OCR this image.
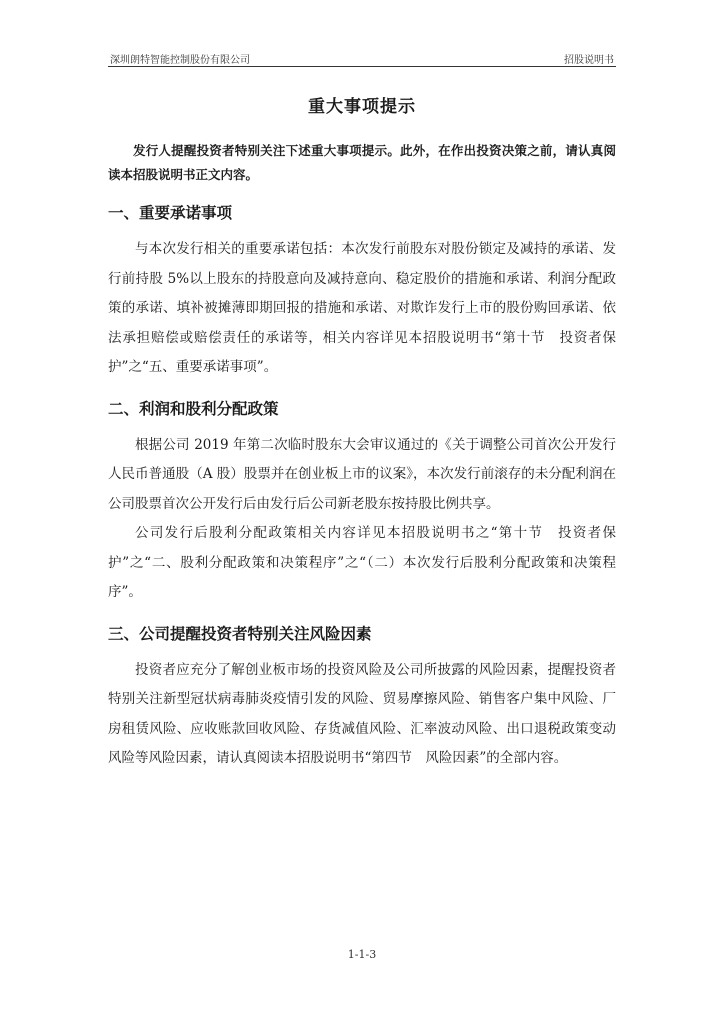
深圳朗特智能控制股份有限公司	招股说明书
重大事项提示

发行人提醒投资者特别关注下述重大事项提示。此外，在作出投资决策之前，请认真阅读本招股说明书正文内容。

一、重要承诺事项

与本次发行相关的重要承诺包括：本次发行前股东对股份锁定及减持的承诺、发行前持股 5%以上股东的持股意向及减持意向、稳定股价的措施和承诺、利润分配政策的承诺、填补被摊薄即期回报的措施和承诺、对欺诈发行上市的股份购回承诺、依法承担赔偿或赔偿责任的承诺等，相关内容详见本招股说明书“第十节　投资者保护”之“五、重要承诺事项”。

二、利润和股利分配政策

根据公司 2019 年第二次临时股东大会审议通过的《关于调整公司首次公开发行人民币普通股（A 股）股票并在创业板上市的议案》，本次发行前滚存的未分配利润在公司股票首次公开发行后由发行后公司新老股东按持股比例共享。

公司发行后股利分配政策相关内容详见本招股说明书之“第十节　投资者保护”之“二、股利分配政策和决策程序”之“（二）本次发行后股利分配政策和决策程序”。

三、公司提醒投资者特别关注风险因素

投资者应充分了解创业板市场的投资风险及公司所披露的风险因素，提醒投资者特别关注新型冠状病毒肺炎疫情引发的风险、贸易摩擦风险、销售客户集中风险、厂房租赁风险、应收账款回收风险、存货减值风险、汇率波动风险、出口退税政策变动风险等风险因素，请认真阅读本招股说明书“第四节　风险因素”的全部内容。

1-1-3
